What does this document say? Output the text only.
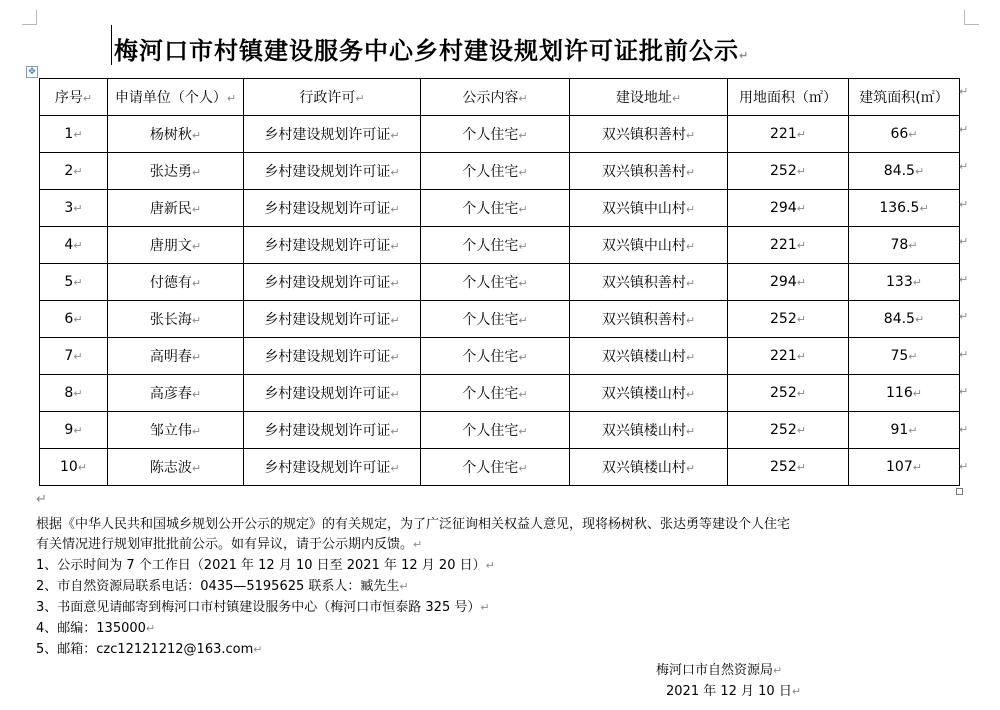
梅河口市村镇建设服务中心乡村建设规划许可证批前公示↵
✥
序号↵	申请单位（个人）↵	行政许可↵	公示内容↵	建设地址↵	用地面积（㎡）	建筑面积(㎡）
1↵	杨树秋↵	乡村建设规划许可证↵	个人住宅↵	双兴镇积善村↵	221↵	66↵
2↵	张达勇↵	乡村建设规划许可证↵	个人住宅↵	双兴镇积善村↵	252↵	84.5↵
3↵	唐新民↵	乡村建设规划许可证↵	个人住宅↵	双兴镇中山村↵	294↵	136.5↵
4↵	唐朋文↵	乡村建设规划许可证↵	个人住宅↵	双兴镇中山村↵	221↵	78↵
5↵	付德有↵	乡村建设规划许可证↵	个人住宅↵	双兴镇积善村↵	294↵	133↵
6↵	张长海↵	乡村建设规划许可证↵	个人住宅↵	双兴镇积善村↵	252↵	84.5↵
7↵	高明春↵	乡村建设规划许可证↵	个人住宅↵	双兴镇楼山村↵	221↵	75↵
8↵	高彦春↵	乡村建设规划许可证↵	个人住宅↵	双兴镇楼山村↵	252↵	116↵
9↵	邹立伟↵	乡村建设规划许可证↵	个人住宅↵	双兴镇楼山村↵	252↵	91↵
10↵	陈志波↵	乡村建设规划许可证↵	个人住宅↵	双兴镇楼山村↵	252↵	107↵
↵
↵
↵
↵
↵
↵
↵
↵
↵
↵
↵
↵
根据《中华人民共和国城乡规划公开公示的规定》的有关规定，为了广泛征询相关权益人意见，现将杨树秋、张达勇等建设个人住宅
有关情况进行规划审批批前公示。如有异议，请于公示期内反馈。↵
1、公示时间为 7 个工作日（2021 年 12 月 10 日至 2021 年 12 月 20 日）↵
2、市自然资源局联系电话：0435—5195625 联系人：臧先生↵
3、书面意见请邮寄到梅河口市村镇建设服务中心（梅河口市恒泰路 325 号）↵
4、邮编：135000↵
5、邮箱：czc12121212@163.com↵
梅河口市自然资源局↵
2021 年 12 月 10 日↵
